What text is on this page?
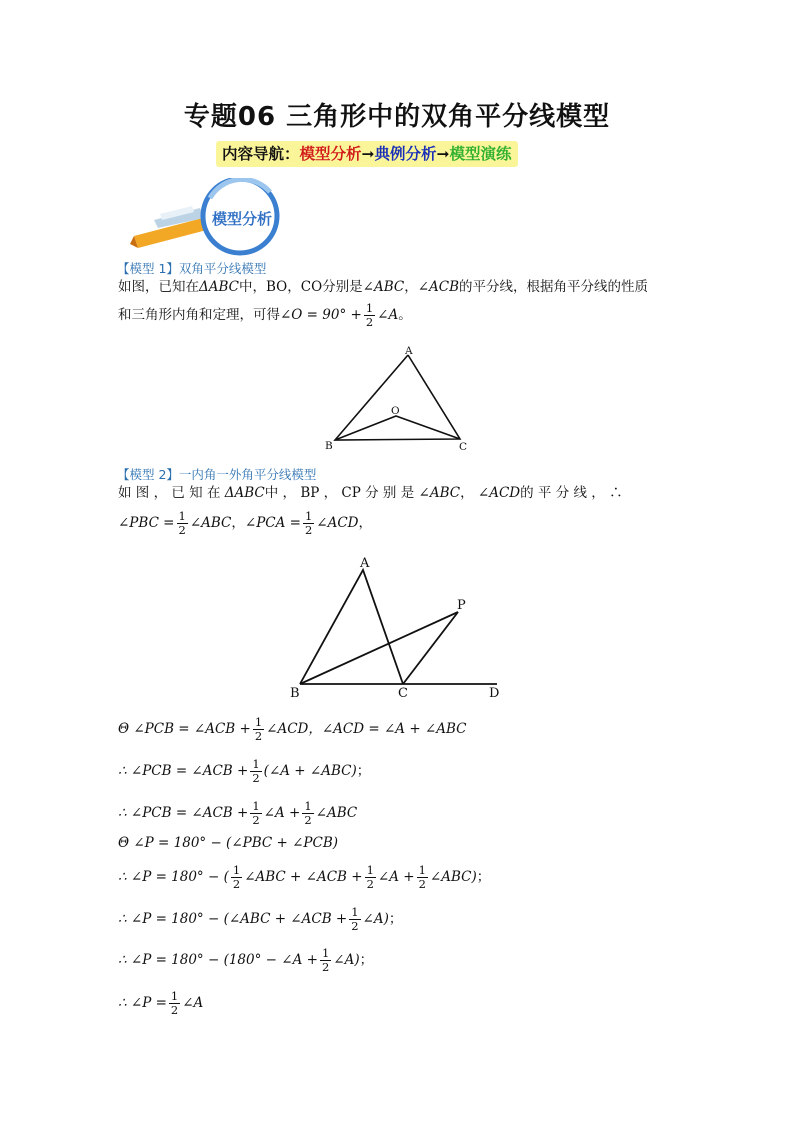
专题06 三角形中的双角平分线模型
内容导航：模型分析➞典例分析➞模型演练
模型分析
【模型 1】双角平分线模型
如图，已知在ΔABC中，BO，CO分别是∠ABC，∠ACB的平分线，根据角平分线的性质
和三角形内角和定理，可得∠O = $90^\circ + \frac{1}{2}$ ∠A。
A
O
B	C
【模型 2】一内角一外角平分线模型
如 图 ， 已 知 在 ΔABC中 ， BP ， CP 分 别 是 ∠ABC， ∠ACD的 平 分 线 ， ∴
∠PBC = $\frac{1}{2}$ ∠ABC，∠PCA = $\frac{1}{2}$ ∠ACD，
A
P
B	C	D
Θ ∠PCB = ∠ACB + $\frac{1}{2}$ ∠ACD，∠ACD = ∠A + ∠ABC
∴ ∠PCB = ∠ACB + $\frac{1}{2}$ (∠A + ∠ABC)；
∴ ∠PCB = ∠ACB + $\frac{1}{2}$ ∠A + $\frac{1}{2}$ ∠ABC
Θ ∠P = 180° − (∠PBC + ∠PCB)
∴ ∠P = 180° − ( $\frac{1}{2}$ ∠ABC + ∠ACB + $\frac{1}{2}$ ∠A + $\frac{1}{2}$ ∠ABC)；
∴ ∠P = 180° − (∠ABC + ∠ACB + $\frac{1}{2}$ ∠A)；
∴ ∠P = 180° − (180° − ∠A + $\frac{1}{2}$ ∠A)；
∴ ∠P = $\frac{1}{2}$ ∠A
